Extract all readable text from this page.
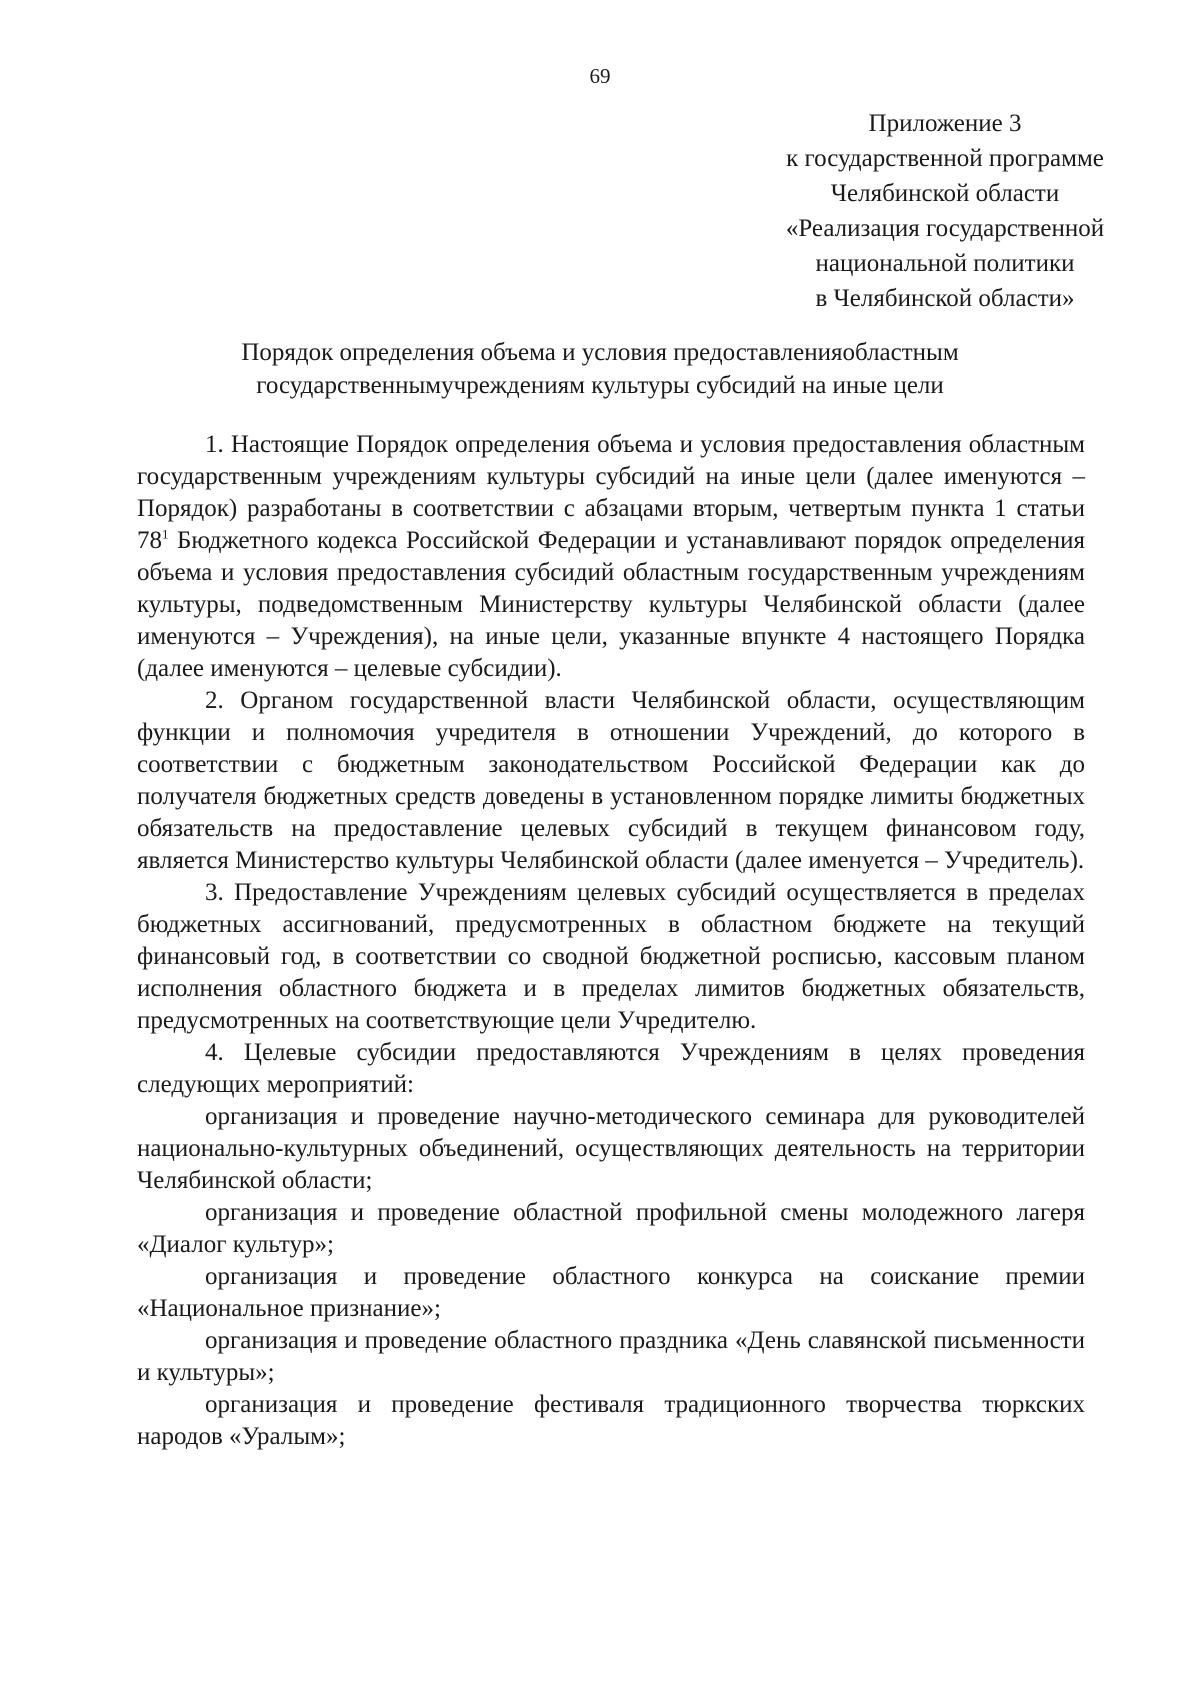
69
Приложение 3
к государственной программе
Челябинской области
«Реализация государственной
национальной политики
в Челябинской области»
Порядок определения объема и условия предоставленияобластным
государственнымучреждениям культуры субсидий на иные цели

1. Настоящие Порядок определения объема и условия предоставления областным государственным учреждениям культуры субсидий на иные цели (далее именуются – Порядок) разработаны в соответствии с абзацами вторым, четвертым пункта 1 статьи $78^1$ Бюджетного кодекса Российской Федерации и устанавливают порядок определения объема и условия предоставления субсидий областным государственным учреждениям культуры, подведомственным Министерству культуры Челябинской области (далее именуются – Учреждения), на иные цели, указанные впункте 4 настоящего Порядка (далее именуются – целевые субсидии).

2. Органом государственной власти Челябинской области, осуществляющим функции и полномочия учредителя в отношении Учреждений, до которого в соответствии с бюджетным законодательством Российской Федерации как до получателя бюджетных средств доведены в установленном порядке лимиты бюджетных обязательств на предоставление целевых субсидий в текущем финансовом году, является Министерство культуры Челябинской области (далее именуется – Учредитель).

3. Предоставление Учреждениям целевых субсидий осуществляется в пределах бюджетных ассигнований, предусмотренных в областном бюджете на текущий финансовый год, в соответствии со сводной бюджетной росписью, кассовым планом исполнения областного бюджета и в пределах лимитов бюджетных обязательств, предусмотренных на соответствующие цели Учредителю.

4. Целевые субсидии предоставляются Учреждениям в целях проведения следующих мероприятий:

организация и проведение научно-методического семинара для руководителей национально-культурных объединений, осуществляющих деятельность на территории Челябинской области;

организация и проведение областной профильной смены молодежного лагеря «Диалог культур»;

организация и проведение областного конкурса на соискание премии «Национальное признание»;

организация и проведение областного праздника «День славянской письменности и культуры»;

организация и проведение фестиваля традиционного творчества тюркских народов «Уралым»;
